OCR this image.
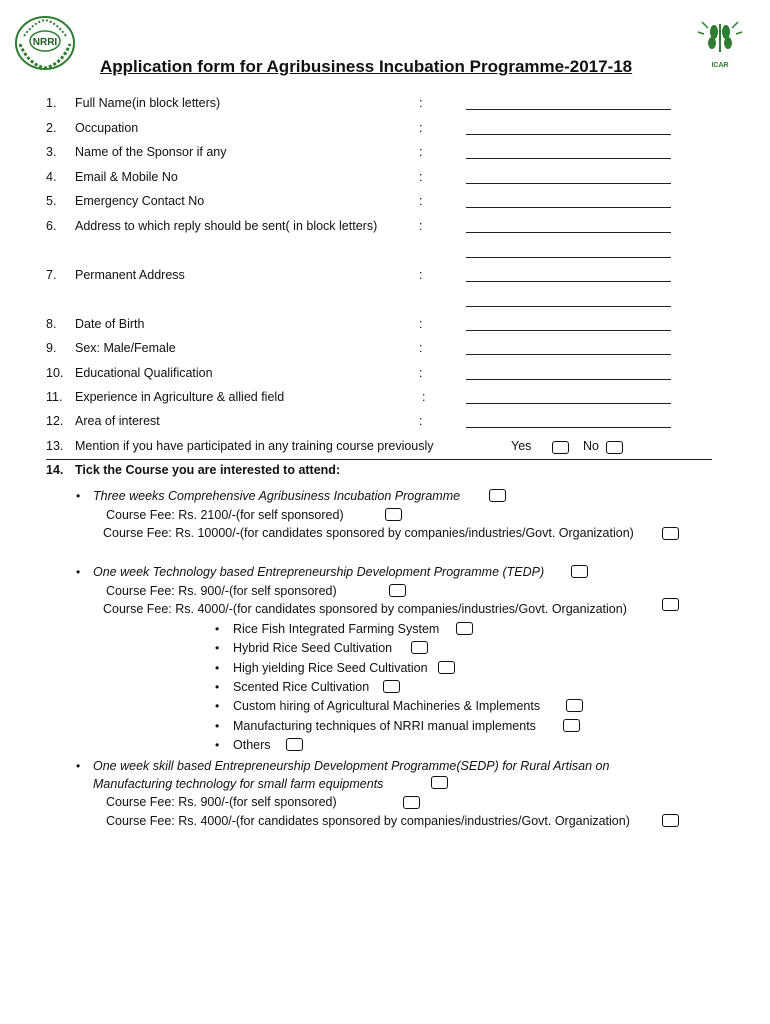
NRRI
ICAR
Application form for Agribusiness Incubation Programme-2017-18
1. Full Name(in block letters)	:
2. Occupation	:
3. Name of the Sponsor if any	:
4. Email & Mobile No	:
5. Emergency Contact No	:
6. Address to which reply should be sent( in block letters)	:
7. Permanent Address	:
8. Date of Birth	:
9. Sex: Male/Female	:
10. Educational Qualification	:
11. Experience in Agriculture & allied field	:
12. Area of interest	:
13. Mention if you have participated in any training course previously	Yes	No
14. Tick the Course you are interested to attend:
• Three weeks Comprehensive Agribusiness Incubation Programme
Course Fee: Rs. 2100/-(for self sponsored)
Course Fee: Rs. 10000/-(for candidates sponsored by companies/industries/Govt. Organization)
• One week Technology based Entrepreneurship Development Programme (TEDP)
Course Fee: Rs. 900/-(for self sponsored)
Course Fee: Rs. 4000/-(for candidates sponsored by companies/industries/Govt. Organization)
• Rice Fish Integrated Farming System
• Hybrid Rice Seed Cultivation
• High yielding Rice Seed Cultivation
• Scented Rice Cultivation
• Custom hiring of Agricultural Machineries & Implements
• Manufacturing techniques of NRRI manual implements
• Others
• One week skill based Entrepreneurship Development Programme(SEDP) for Rural Artisan on
Manufacturing technology for small farm equipments
Course Fee: Rs. 900/-(for self sponsored)
Course Fee: Rs. 4000/-(for candidates sponsored by companies/industries/Govt. Organization)
